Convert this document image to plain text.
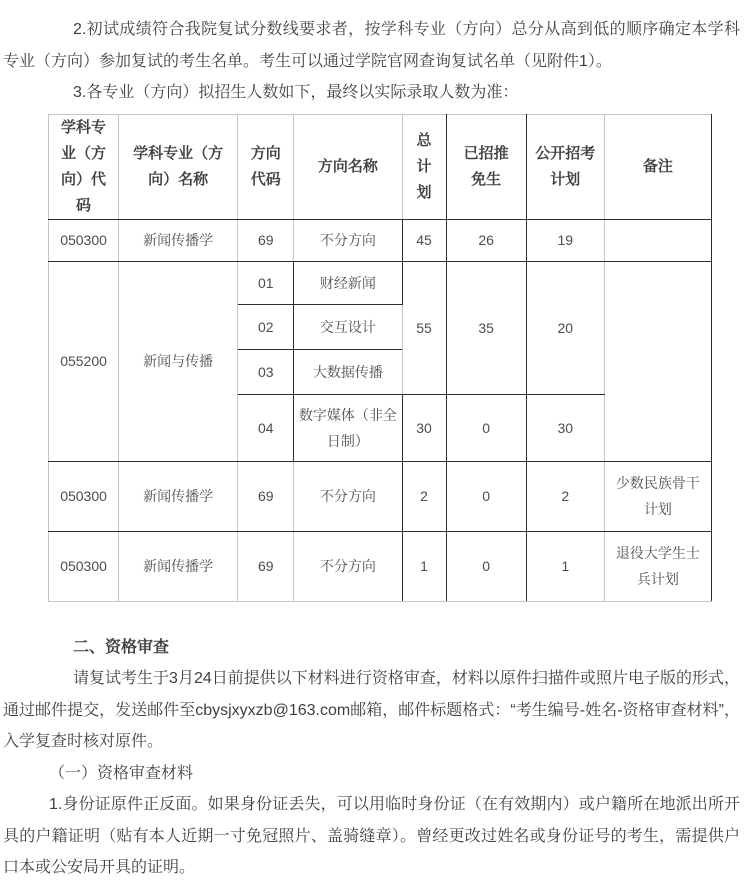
2.初试成绩符合我院复试分数线要求者，按学科专业（方向）总分从高到低的顺序确定本学科专业（方向）参加复试的考生名单。考生可以通过学院官网查询复试名单（见附件1）。

3.各专业（方向）拟招生人数如下，最终以实际录取人数为准：

学科专业（方向）代码	学科专业（方向）名称	方向代码	方向名称	总计划	已招推免生	公开招考计划	备注
050300	新闻传播学	69	不分方向	45	26	19	
055200	新闻与传播	01	财经新闻	55	35	20	
		02	交互设计				
		03	大数据传播				
		04	数字媒体（非全日制）	30	0	30	
050300	新闻传播学	69	不分方向	2	0	2	少数民族骨干计划
050300	新闻传播学	69	不分方向	1	0	1	退役大学生士兵计划

二、资格审查

请复试考生于3月24日前提供以下材料进行资格审查，材料以原件扫描件或照片电子版的形式，通过邮件提交，发送邮件至cbysjxyxzb@163.com邮箱，邮件标题格式：“考生编号-姓名-资格审查材料”，入学复查时核对原件。

（一）资格审查材料

1.身份证原件正反面。如果身份证丢失，可以用临时身份证（在有效期内）或户籍所在地派出所开具的户籍证明（贴有本人近期一寸免冠照片、盖骑缝章）。曾经更改过姓名或身份证号的考生，需提供户口本或公安局开具的证明。
